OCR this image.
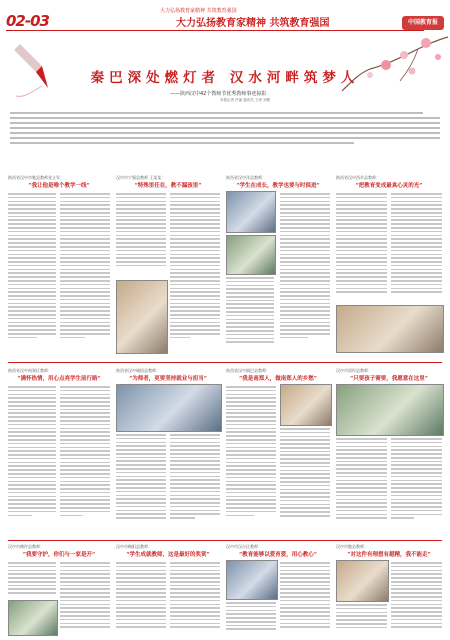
02-03
大力弘扬教育家精神 共筑教育强国
大力弘扬教育家精神 共筑教育强国	中国教育报
秦巴深处燃灯者 汉水河畔筑梦人
——陕西汉中42个教师节优秀教师事迹掠影
本报记者 冯丽 通讯员 王涛 刘俊
陕西省汉中市勉县教师张立军：
“我让他是唯个教学一线”
汉中市宁强县教师 王某某：
“特殊里任在，教不漏孩里”
陕西省汉中洋县教师：
“学生在成长，教学也要与时俱进”
陕西省汉中西乡县教师：
“把教育变成最真心灵的光”
陕西省汉中南郑区教师：
“满怀热情，用心点亮学生前行路”
陕西省汉中城固县教师：
“为师者，更要坚持就业与担当”
陕西省汉中镇巴县教师：
“我是南郑人，做南郑人的乡愁”
汉中市留坝县教师：
“只要孩子需要，我愿意在这里”
汉中市佛坪县教师：
“我要守护，你们与一家是开”
汉中市略阳县教师：
“学生成就教师，这是最好的奖赏”
汉中市汉台区教师：
“教育能够以爱育爱，用心教心”
汉中市勉县教师：
“对这件有理想有越精，我不能走”
